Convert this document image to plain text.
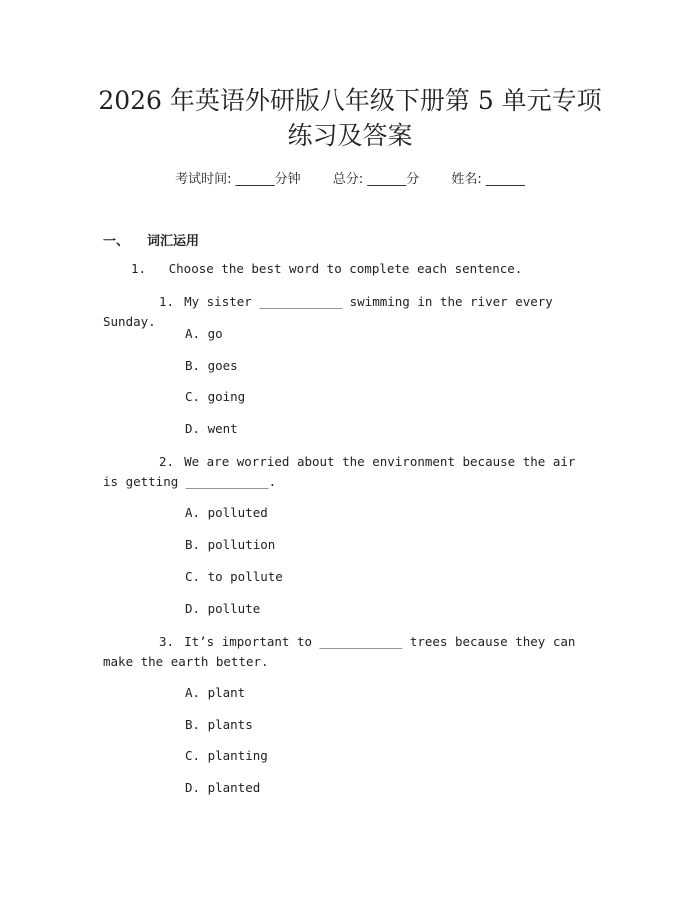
2026 年英语外研版八年级下册第 5 单元专项
练习及答案
考试时间: ______分钟 总分: ______分 姓名: ______
一、 词汇运用
1.   Choose the best word to complete each sentence.
1. My sister ___________ swimming in the river every Sunday.
A. go
B. goes
C. going
D. went
2. We are worried about the environment because the air is getting ___________.
A. polluted
B. pollution
C. to pollute
D. pollute
3. It’s important to ___________ trees because they can make the earth better.
A. plant
B. plants
C. planting
D. planted
